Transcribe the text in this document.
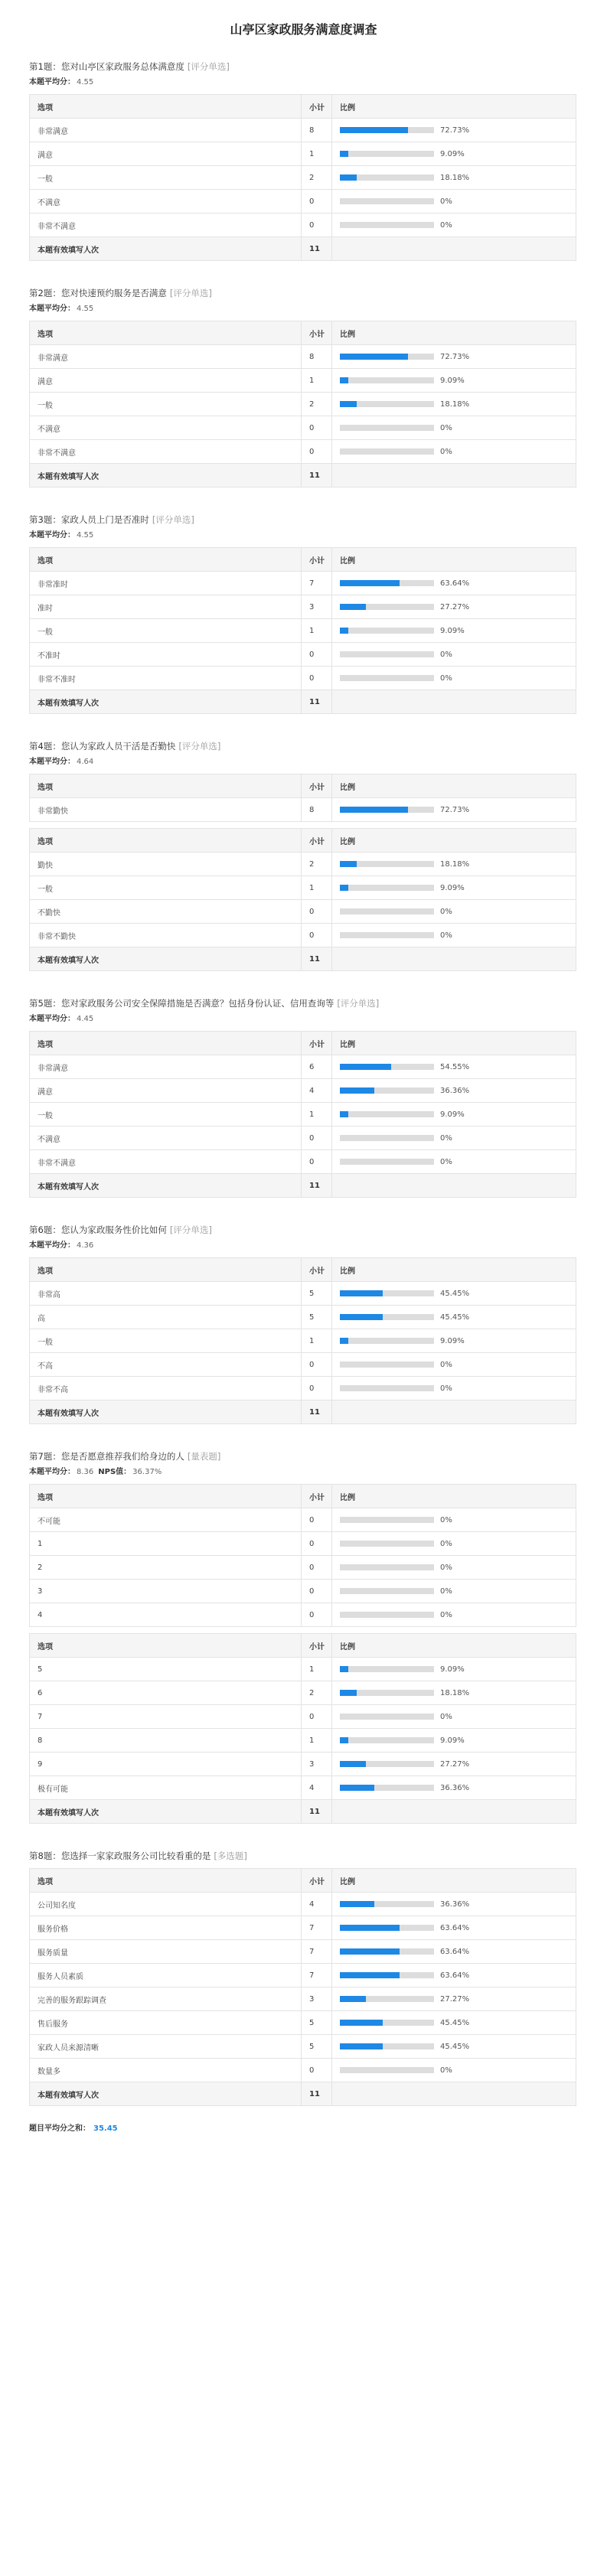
山亭区家政服务满意度调查
第1题：您对山亭区家政服务总体满意度 [评分单选]
本题平均分： 4.55
选项	小计	比例
非常满意	8	72.73%

满意	1	9.09%

一般	2	18.18%

不满意	0	0%

非常不满意	0	0%

本题有效填写人次	11	
第2题：您对快速预约服务是否满意 [评分单选]
本题平均分： 4.55
选项	小计	比例
非常满意	8	72.73%

满意	1	9.09%

一般	2	18.18%

不满意	0	0%

非常不满意	0	0%

本题有效填写人次	11	
第3题：家政人员上门是否准时 [评分单选]
本题平均分： 4.55
选项	小计	比例
非常准时	7	63.64%

准时	3	27.27%

一般	1	9.09%

不准时	0	0%

非常不准时	0	0%

本题有效填写人次	11	
第4题：您认为家政人员干活是否勤快 [评分单选]
本题平均分： 4.64
选项	小计	比例
非常勤快	8	72.73%
选项	小计	比例
勤快	2	18.18%

一般	1	9.09%

不勤快	0	0%

非常不勤快	0	0%

本题有效填写人次	11	
第5题：您对家政服务公司安全保障措施是否满意？包括身份认证、信用查询等 [评分单选]
本题平均分： 4.45
选项	小计	比例
非常满意	6	54.55%

满意	4	36.36%

一般	1	9.09%

不满意	0	0%

非常不满意	0	0%

本题有效填写人次	11	
第6题：您认为家政服务性价比如何 [评分单选]
本题平均分： 4.36
选项	小计	比例
非常高	5	45.45%

高	5	45.45%

一般	1	9.09%

不高	0	0%

非常不高	0	0%

本题有效填写人次	11	
第7题：您是否愿意推荐我们给身边的人 [量表题]
本题平均分： 8.36 NPS值： 36.37%
选项	小计	比例
不可能	0	0%

1	0	0%

2	0	0%

3	0	0%

4	0	0%
选项	小计	比例
5	1	9.09%

6	2	18.18%

7	0	0%

8	1	9.09%

9	3	27.27%

极有可能	4	36.36%

本题有效填写人次	11	
第8题：您选择一家家政服务公司比较看重的是 [多选题]
选项	小计	比例
公司知名度	4	36.36%

服务价格	7	63.64%

服务质量	7	63.64%

服务人员素质	7	63.64%

完善的服务跟踪调查	3	27.27%

售后服务	5	45.45%

家政人员来源清晰	5	45.45%

数量多	0	0%

本题有效填写人次	11	
题目平均分之和： 35.45
